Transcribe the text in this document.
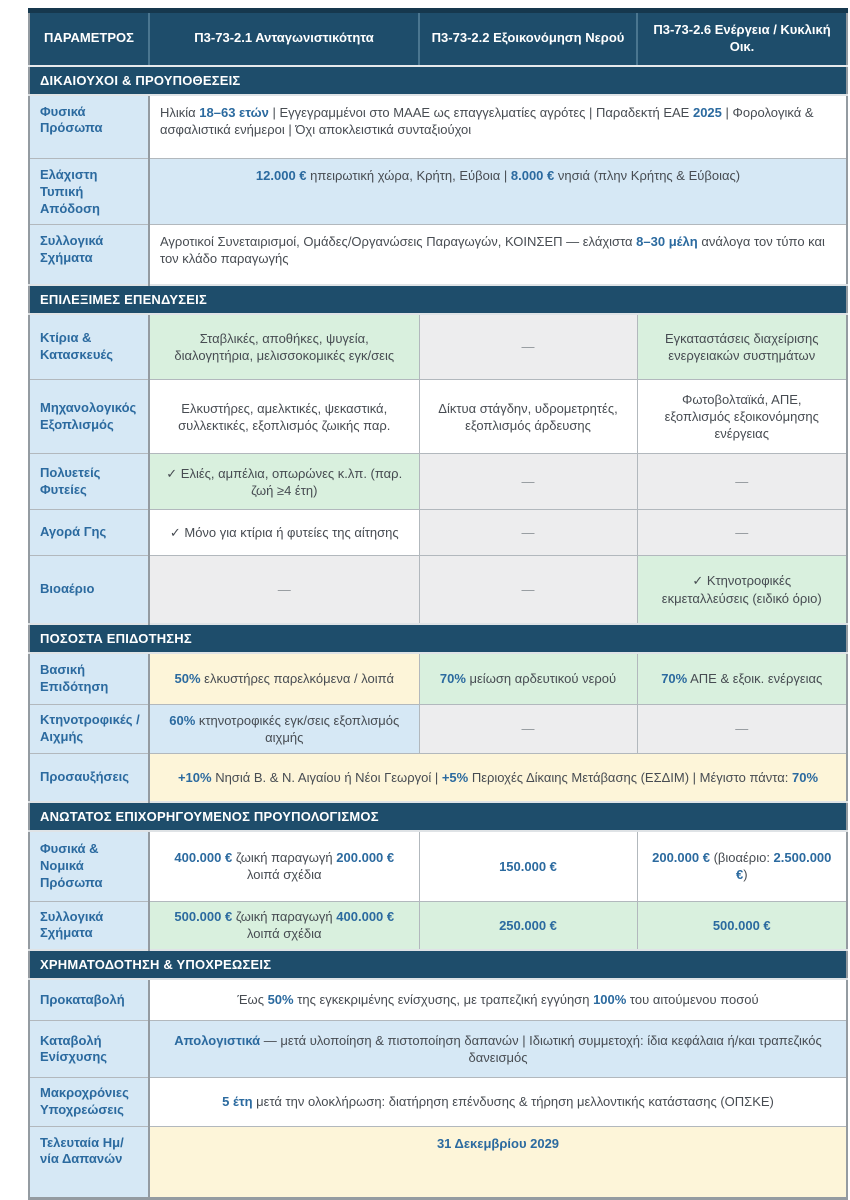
ΠΑΡΑΜΕΤΡΟΣ	Π3-73-2.1 Ανταγωνιστικότητα	Π3-73-2.2 Εξοικονόμηση Νερού	Π3-73-2.6 Ενέργεια / Κυκλική Οικ.
ΔΙΚΑΙΟΥΧΟΙ & ΠΡΟΥΠΟΘΕΣΕΙΣ			
Φυσικά Πρόσωπα	Ηλικία 18–63 ετών | Εγγεγραμμένοι στο ΜΑΑΕ ως επαγγελματίες αγρότες | Παραδεκτή ΕΑΕ 2025 | Φορολογικά & ασφαλιστικά ενήμεροι | Όχι αποκλειστικά συνταξιούχοι		
Ελάχιστη Τυπική Απόδοση	12.000 € ηπειρωτική χώρα, Κρήτη, Εύβοια | 8.000 € νησιά (πλην Κρήτης & Εύβοιας)		
Συλλογικά Σχήματα	Αγροτικοί Συνεταιρισμοί, Ομάδες/Οργανώσεις Παραγωγών, ΚΟΙΝΣΕΠ — ελάχιστα 8–30 μέλη ανάλογα τον τύπο και τον κλάδο παραγωγής		
ΕΠΙΛΕΞΙΜΕΣ ΕΠΕΝΔΥΣΕΙΣ			
Κτίρια & Κατασκευές	Σταβλικές, αποθήκες, ψυγεία, διαλογητήρια, μελισσοκομικές εγκ/σεις	—	Εγκαταστάσεις διαχείρισης ενεργειακών συστημάτων
Μηχανολογικός Εξοπλισμός	Ελκυστήρες, αμελκτικές, ψεκαστικά, συλλεκτικές, εξοπλισμός ζωικής παρ.	Δίκτυα στάγδην, υδρομετρητές, εξοπλισμός άρδευσης	Φωτοβολταϊκά, ΑΠΕ, εξοπλισμός εξοικονόμησης ενέργειας
Πολυετείς Φυτείες	✓ Ελιές, αμπέλια, οπωρώνες κ.λπ. (παρ. ζωή ≥4 έτη)	—	—
Αγορά Γης	✓ Μόνο για κτίρια ή φυτείες της αίτησης	—	—
Βιοαέριο	—	—	✓ Κτηνοτροφικές εκμεταλλεύσεις (ειδικό όριο)
ΠΟΣΟΣΤΑ ΕΠΙΔΟΤΗΣΗΣ			
Βασική Επιδότηση	50% ελκυστήρες παρελκόμενα / λοιπά	70% μείωση αρδευτικού νερού	70% ΑΠΕ & εξοικ. ενέργειας
Κτηνοτροφικές / Αιχμής	60% κτηνοτροφικές εγκ/σεις εξοπλισμός αιχμής	—	—
Προσαυξήσεις	+10% Νησιά Β. & Ν. Αιγαίου ή Νέοι Γεωργοί | +5% Περιοχές Δίκαιης Μετάβασης (ΕΣΔΙΜ) | Μέγιστο πάντα: 70%		
ΑΝΩΤΑΤΟΣ ΕΠΙΧΟΡΗΓΟΥΜΕΝΟΣ ΠΡΟΥΠΟΛΟΓΙΣΜΟΣ			
Φυσικά & Νομικά Πρόσωπα	400.000 € ζωική παραγωγή 200.000 € λοιπά σχέδια	150.000 €	200.000 € (βιοαέριο: 2.500.000 €)
Συλλογικά Σχήματα	500.000 € ζωική παραγωγή 400.000 € λοιπά σχέδια	250.000 €	500.000 €
ΧΡΗΜΑΤΟΔΟΤΗΣΗ & ΥΠΟΧΡΕΩΣΕΙΣ			
Προκαταβολή	Έως 50% της εγκεκριμένης ενίσχυσης, με τραπεζική εγγύηση 100% του αιτούμενου ποσού		
Καταβολή Ενίσχυσης	Απολογιστικά — μετά υλοποίηση & πιστοποίηση δαπανών | Ιδιωτική συμμετοχή: ίδια κεφάλαια ή/και τραπεζικός δανεισμός		
Μακροχρόνιες Υποχρεώσεις	5 έτη μετά την ολοκλήρωση: διατήρηση επένδυσης & τήρηση μελλοντικής κατάστασης (ΟΠΣΚΕ)		
Τελευταία Ημ/νία Δαπανών	31 Δεκεμβρίου 2029		
